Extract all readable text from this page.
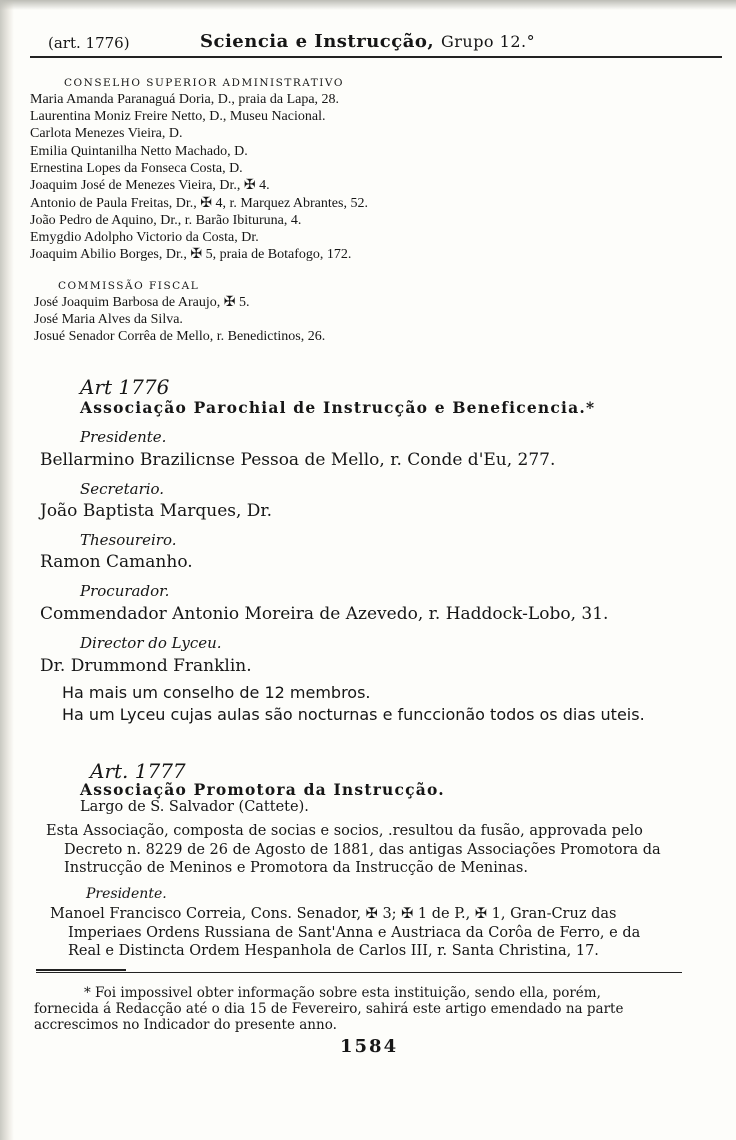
(art. 1776)	Sciencia e Instrucção, Grupo 12.°
CONSELHO SUPERIOR ADMINISTRATIVO
Maria Amanda Paranaguá Doria, D., praia da Lapa, 28.
Laurentina Moniz Freire Netto, D., Museu Nacional.
Carlota Menezes Vieira, D.
Emilia Quintanilha Netto Machado, D.
Ernestina Lopes da Fonseca Costa, D.
Joaquim José de Menezes Vieira, Dr., ✠ 4.
Antonio de Paula Freitas, Dr., ✠ 4, r. Marquez Abrantes, 52.
João Pedro de Aquino, Dr., r. Barão Ibituruna, 4.
Emygdio Adolpho Victorio da Costa, Dr.
Joaquim Abilio Borges, Dr., ✠ 5, praia de Botafogo, 172.
COMMISSÃO FISCAL
José Joaquim Barbosa de Araujo, ✠ 5.
José Maria Alves da Silva.
Josué Senador Corrêa de Mello, r. Benedictinos, 26.
Art 1776
Associação Parochial de Instrucção e Beneficencia.*
Presidente.
Bellarmino Brazilicnse Pessoa de Mello, r. Conde d'Eu, 277.
Secretario.
João Baptista Marques, Dr.
Thesoureiro.
Ramon Camanho.
Procurador.
Commendador Antonio Moreira de Azevedo, r. Haddock-Lobo, 31.
Director do Lyceu.
Dr. Drummond Franklin.
Ha mais um conselho de 12 membros.
Ha um Lyceu cujas aulas são nocturnas e funccionão todos os dias uteis.
Art. 1777
Associação Promotora da Instrucção.
Largo de S. Salvador (Cattete).
Esta Associação, composta de socias e socios, .resultou da fusão, approvada pelo
Decreto n. 8229 de 26 de Agosto de 1881, das antigas Associações Promotora da
Instrucção de Meninos e Promotora da Instrucção de Meninas.
Presidente.
Manoel Francisco Correia, Cons. Senador, ✠ 3; ✠ 1 de P., ✠ 1, Gran-Cruz das
Imperiaes Ordens Russiana de Sant'Anna e Austriaca da Corôa de Ferro, e da
Real e Distincta Ordem Hespanhola de Carlos III, r. Santa Christina, 17.
* Foi impossivel obter informação sobre esta instituição, sendo ella, porém,
fornecida á Redacção até o dia 15 de Fevereiro, sahirá este artigo emendado na parte
accrescimos no Indicador do presente anno.
1584
